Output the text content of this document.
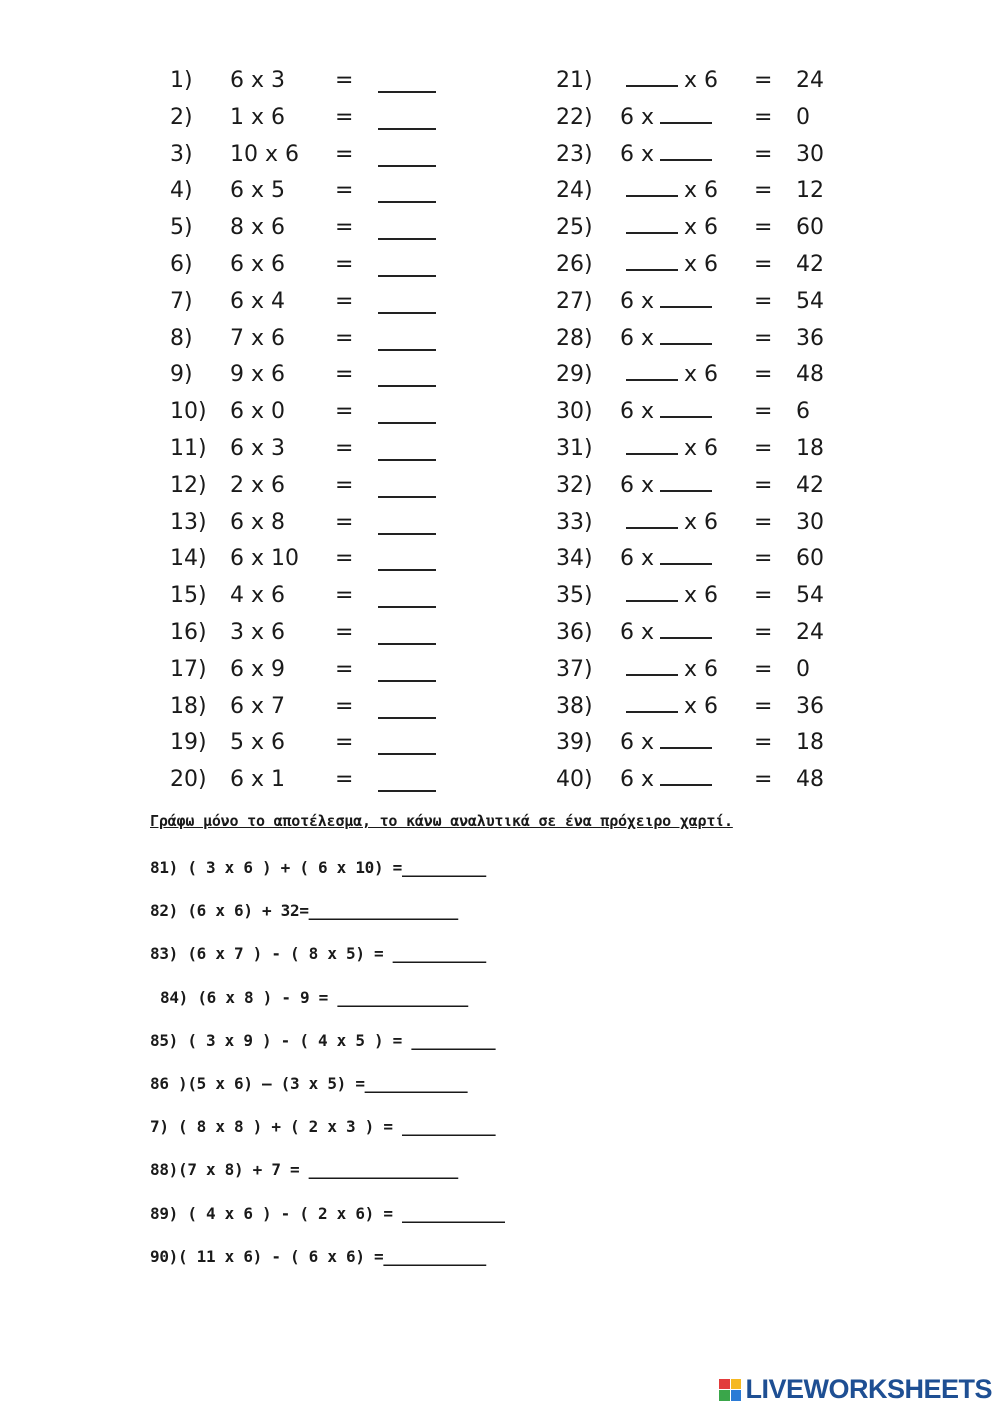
1) 6 x 3 =
2) 1 x 6 =
3) 10 x 6 =
4) 6 x 5 =
5) 8 x 6 =
6) 6 x 6 =
7) 6 x 4 =
8) 7 x 6 =
9) 9 x 6 =
10) 6 x 0 =
11) 6 x 3 =
12) 2 x 6 =
13) 6 x 8 =
14) 6 x 10 =
15) 4 x 6 =
16) 3 x 6 =
17) 6 x 9 =
18) 6 x 7 =
19) 5 x 6 =
20) 6 x 1 =
21)	x 6 = 24
22) 6 x	= 0
23) 6 x	= 30
24)	x 6 = 12
25)	x 6 = 60
26)	x 6 = 42
27) 6 x	= 54
28) 6 x	= 36
29)	x 6 = 48
30) 6 x	= 6
31)	x 6 = 18
32) 6 x	= 42
33)	x 6 = 30
34) 6 x	= 60
35)	x 6 = 54
36) 6 x	= 24
37)	x 6 = 0
38)	x 6 = 36
39) 6 x	= 18
40) 6 x	= 48
Γράφω μόνο το αποτέλεσμα, το κάνω αναλυτικά σε ένα πρόχειρο χαρτί.
81) ( 3 x 6 ) + ( 6 x 10) =_________
82) (6 x 6) + 32=________________
83) (6 x 7 ) - ( 8 x 5) = __________
84) (6 x 8 ) - 9 = ______________
85) ( 3 x 9 ) - ( 4 x 5 ) = _________
86 )(5 x 6) – (3 x 5) =___________
7) ( 8 x 8 ) + ( 2 x 3 ) = __________
88)(7 x 8) + 7 = ________________
89) ( 4 x 6 ) - ( 2 x 6) = ___________
90)( 11 x 6) - ( 6 x 6) =___________
LIVEWORKSHEETS
